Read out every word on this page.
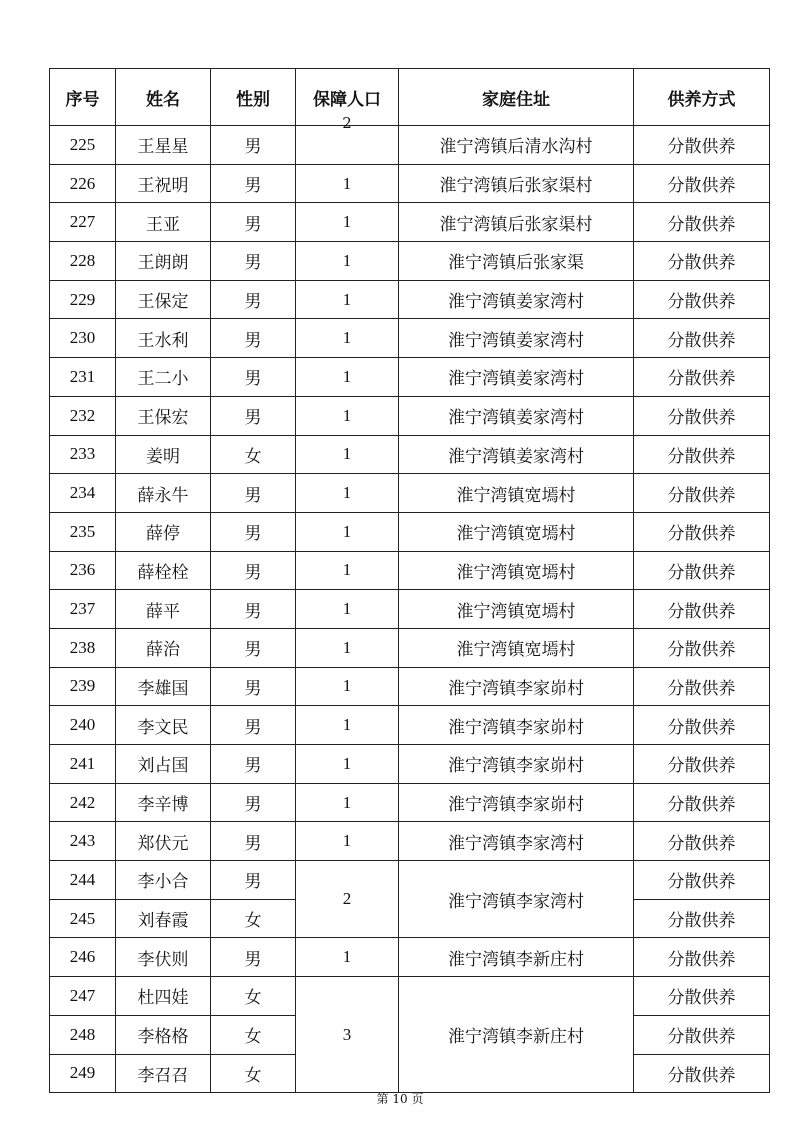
序号	姓名	性别	保障人口	家庭住址	供养方式
225	王星星	男	2	淮宁湾镇后清水沟村	分散供养
226	王祝明	男	1	淮宁湾镇后张家渠村	分散供养
227	王亚	男	1	淮宁湾镇后张家渠村	分散供养
228	王朗朗	男	1	淮宁湾镇后张家渠	分散供养
229	王保定	男	1	淮宁湾镇姜家湾村	分散供养
230	王水利	男	1	淮宁湾镇姜家湾村	分散供养
231	王二小	男	1	淮宁湾镇姜家湾村	分散供养
232	王保宏	男	1	淮宁湾镇姜家湾村	分散供养
233	姜明	女	1	淮宁湾镇姜家湾村	分散供养
234	薛永牛	男	1	淮宁湾镇宽墕村	分散供养
235	薛停	男	1	淮宁湾镇宽墕村	分散供养
236	薛栓栓	男	1	淮宁湾镇宽墕村	分散供养
237	薛平	男	1	淮宁湾镇宽墕村	分散供养
238	薛治	男	1	淮宁湾镇宽墕村	分散供养
239	李雄国	男	1	淮宁湾镇李家峁村	分散供养
240	李文民	男	1	淮宁湾镇李家峁村	分散供养
241	刘占国	男	1	淮宁湾镇李家峁村	分散供养
242	李辛博	男	1	淮宁湾镇李家峁村	分散供养
243	郑伏元	男	1	淮宁湾镇李家湾村	分散供养
244	李小合	男	2	淮宁湾镇李家湾村	分散供养
245	刘春霞	女			分散供养
246	李伏则	男	1	淮宁湾镇李新庄村	分散供养
247	杜四娃	女	3	淮宁湾镇李新庄村	分散供养
248	李格格	女			分散供养
249	李召召	女			分散供养
第 10 页
